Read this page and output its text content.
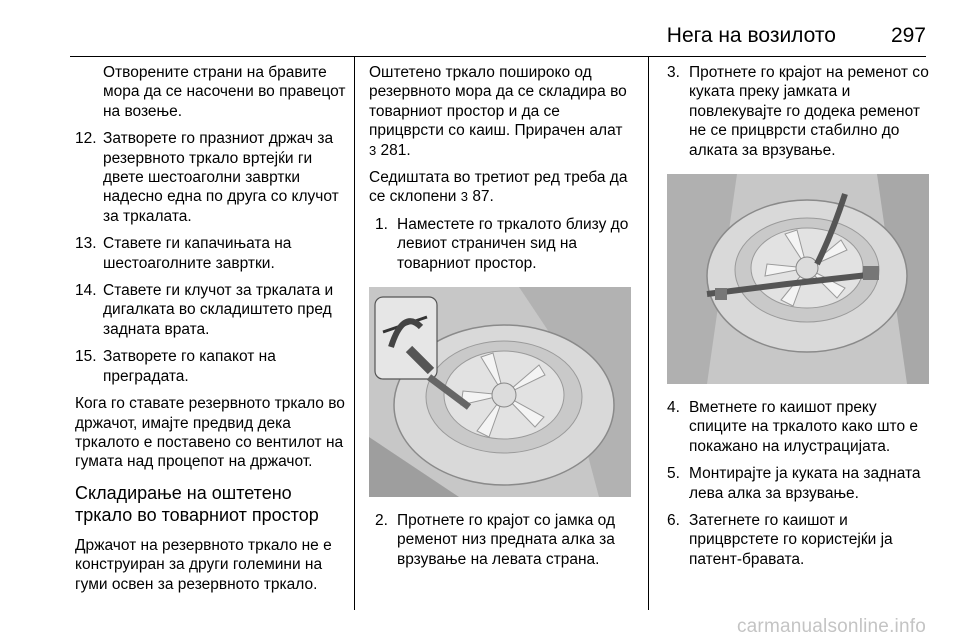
Нега на возилото	297
Отворените страни на бравите мора да се насочени во правецот на возење.
12. Затворете го празниот држач за резервното тркало вртејќи ги двете шестоаголни завртки надесно една по друга со клучот за тркалата.
13. Ставете ги капачињата на шестоаголните завртки.
14. Ставете ги клучот за тркалата и дигалката во складиштето пред задната врата.
15. Затворете го капакот на преградата.
Кога го ставате резервното тркало во држачот, имајте предвид дека тркалото е поставено со вентилот на гумата над процепот на држачот.
Складирање на оштетено тркало во товарниот простор
Држачот на резервното тркало не е конструиран за други големини на гуми освен за резервното тркало.
Оштетено тркало пошироко од резервното мора да се складира во товарниот простор и да се прицврсти со каиш. Прирачен алат
3 281.
Седиштата во третиот ред треба да се склопени 3 87.
1. Наместете го тркалото близу до левиот страничен ѕид на товарниот простор.
2. Протнете го крајот со јамка од ременот низ предната алка за врзување на левата страна.
3. Протнете го крајот на ременот со куката преку јамката и повлекувајте го додека ременот не се прицврсти стабилно до алката за врзување.
4. Вметнете го каишот преку спиците на тркалото како што е покажано на илустрацијата.
5. Монтирајте ја куката на задната лева алка за врзување.
6. Затегнете го каишот и прицврстете го користејќи ја патент-бравата.
carmanualsonline.info
